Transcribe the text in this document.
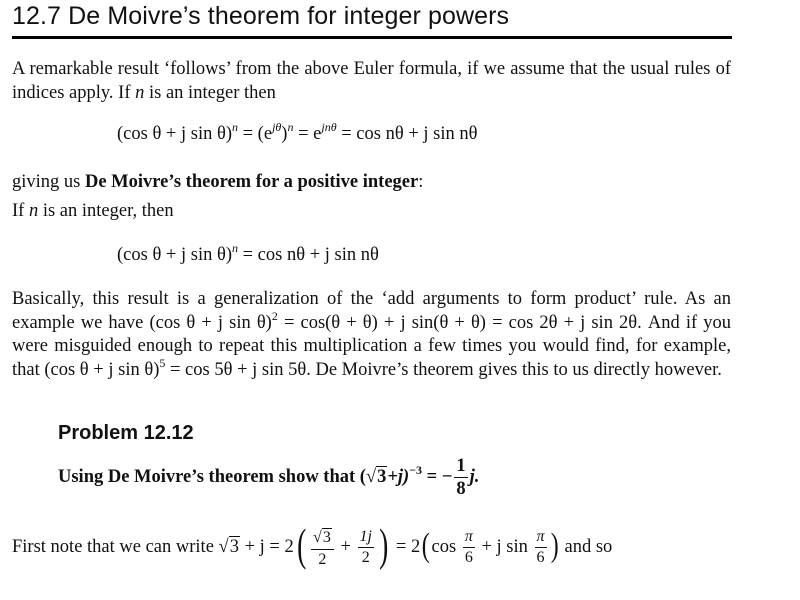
12.7 De Moivre’s theorem for integer powers
A remarkable result ‘follows’ from the above Euler formula, if we assume that the usual rules of indices apply. If n is an integer then
(cos θ + j $\sin \theta)^n = (e^{j\theta})^n = e^{jn\theta} = \cos n\theta + j$ sin nθ
giving us De Moivre’s theorem for a positive integer:
If n is an integer, then
(cos θ + j sin θ)$^n$ = cos nθ + j sin nθ
Basically, this result is a generalization of the ‘add arguments to form product’ rule. As an example we have (cos θ + j sin θ)$^2$ = cos(θ + θ) + j sin(θ + θ) = cos 2θ + j sin 2θ. And if you were misguided enough to repeat this multiplication a few times you would find, for example, that (cos θ + j sin θ)$^5$ = cos 5θ + j sin 5θ. De Moivre’s theorem gives this to us directly however.
Problem 12.12
Using De Moivre’s theorem show that $(√3+j)^{-3}$ = − $\frac{1}{8} j$.
First note that we can write $√3 + j = 2( \frac{√3}{2} + \frac{1j}{2}$ ) = $2(\cos \frac{\pi}{6} + j$ $\sin \frac{\pi}{6}$ ) and so
